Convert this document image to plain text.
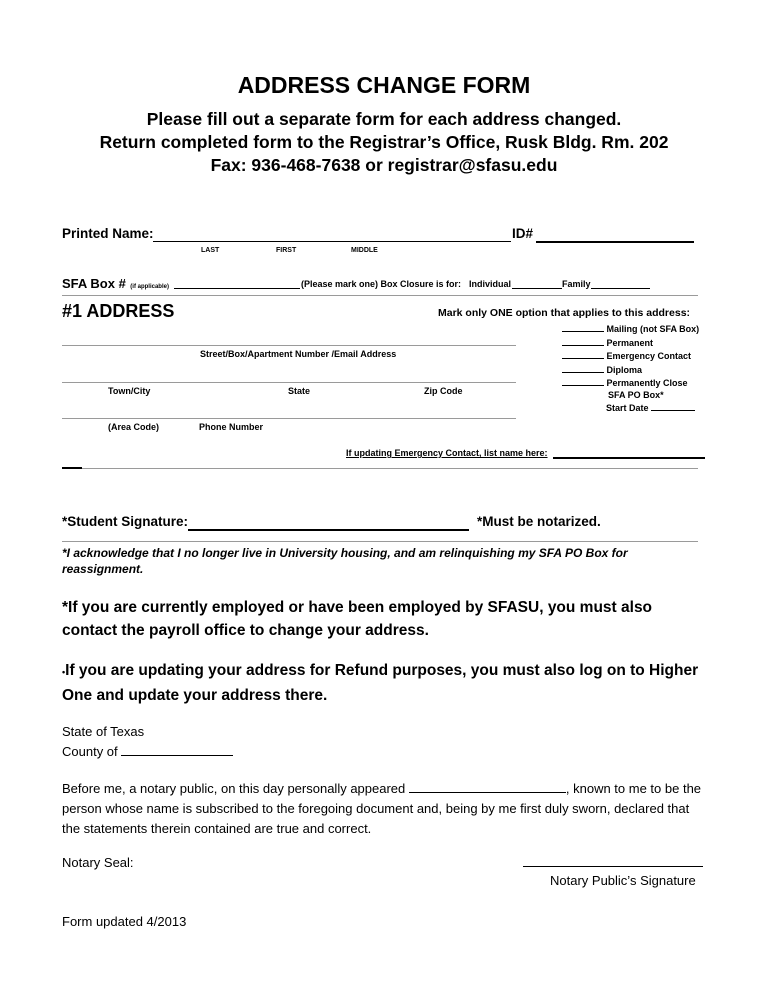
ADDRESS CHANGE FORM
Please fill out a separate form for each address changed.
Return completed form to the Registrar’s Office, Rusk Bldg. Rm. 202
Fax: 936-468-7638 or registrar@sfasu.edu
Printed Name:	ID#
LAST	FIRST	MIDDLE
SFA Box # (if applicable)	(Please mark one) Box Closure is for: Individual	Family
#1 ADDRESS	Mark only ONE option that applies to this address:
Street/Box/Apartment Number /Email Address
Town/City	State	Zip Code
(Area Code)	Phone Number
Mailing (not SFA Box)
Permanent
Emergency Contact
Diploma
Permanently Close
SFA PO Box*
Start Date
If updating Emergency Contact, list name here:
*Student Signature:	*Must be notarized.
*I acknowledge that I no longer live in University housing, and am relinquishing my SFA PO Box for reassignment.
*If you are currently employed or have been employed by SFASU, you must also contact the payroll office to change your address.
•If you are updating your address for Refund purposes, you must also log on to Higher One and update your address there.
State of Texas
County of
Before me, a notary public, on this day personally appeared	, known to me to be the person whose name is subscribed to the foregoing document and, being by me first duly sworn, declared that the statements therein contained are true and correct.
Notary Seal:
Notary Public’s Signature
Form updated 4/2013
